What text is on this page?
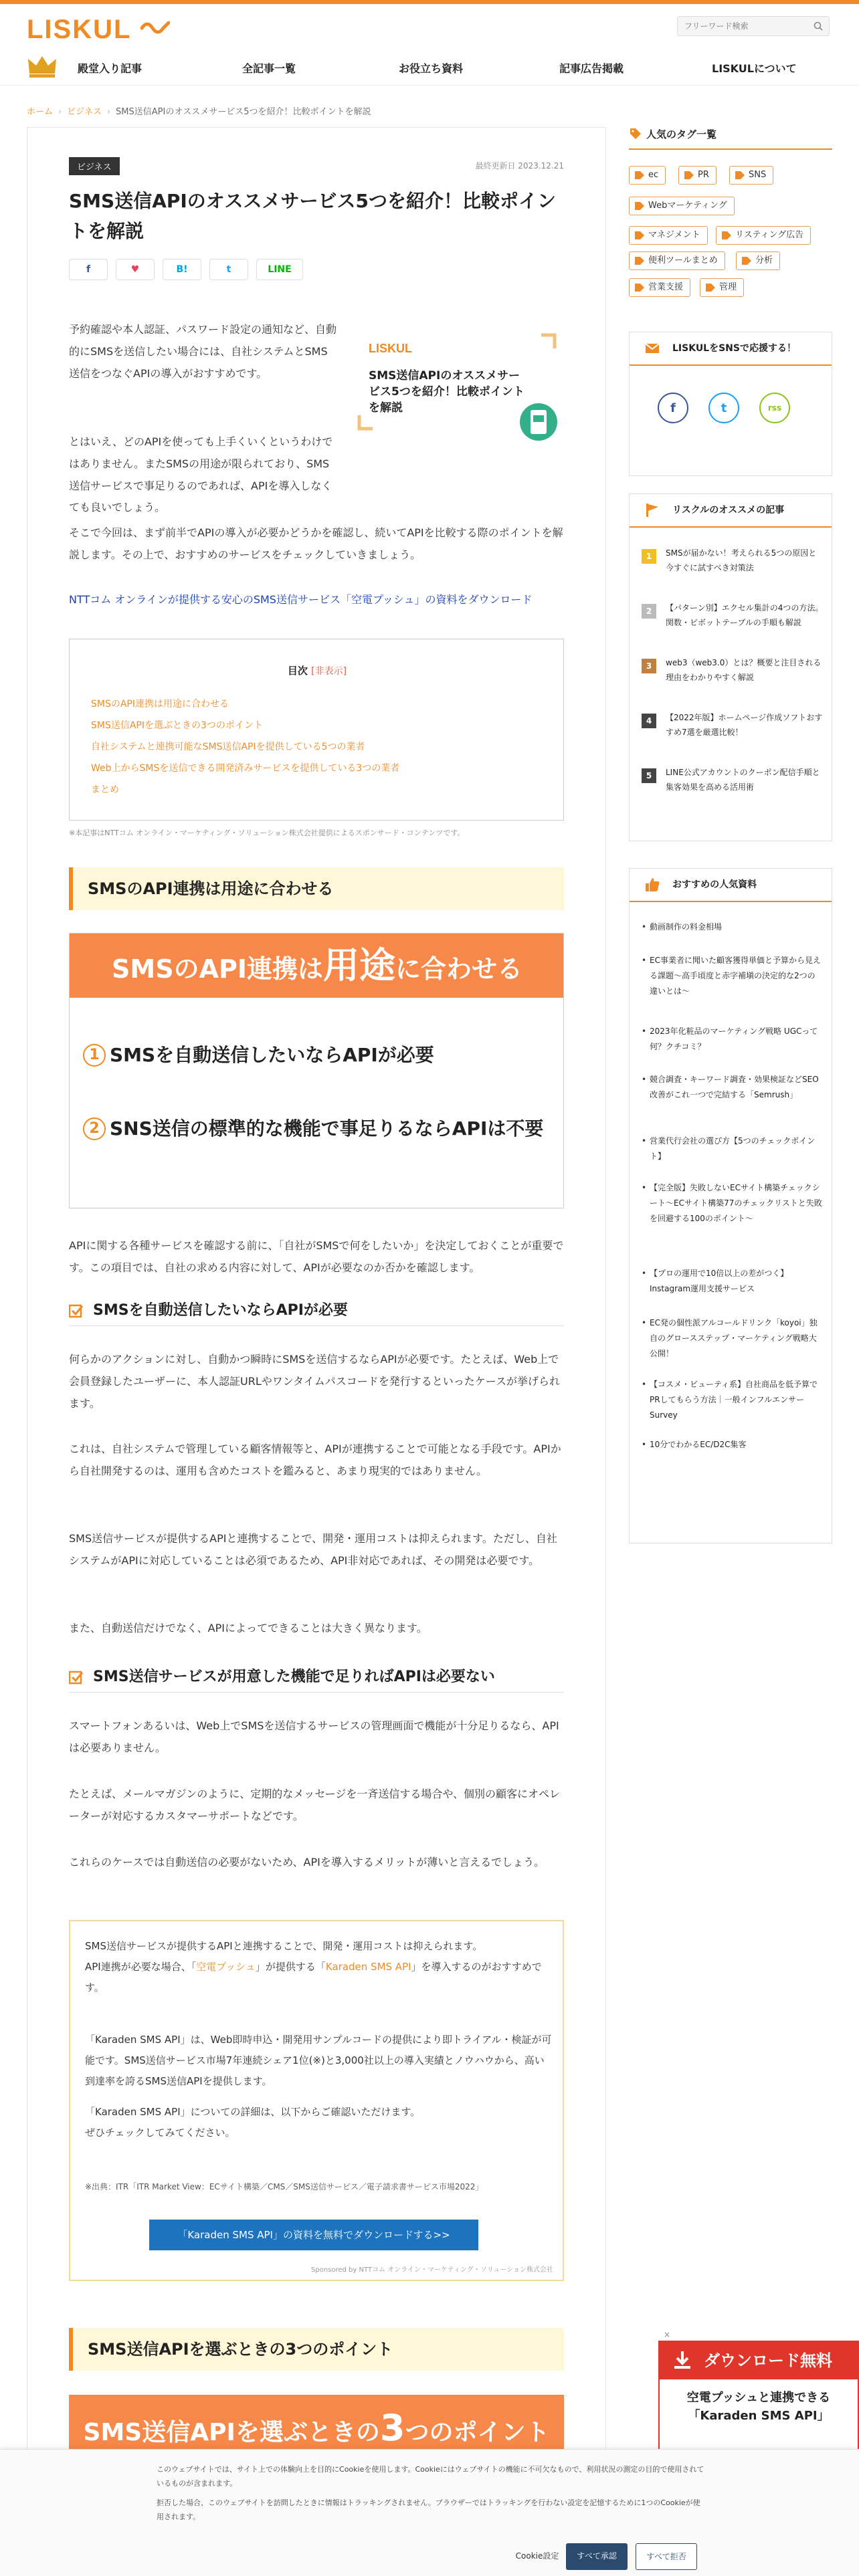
LISKUL
フリーワード検索
殿堂入り記事	全記事一覧	お役立ち資料	記事広告掲載	LISKULについて
ホーム › ビジネス › SMS送信APIのオススメサービス5つを紹介！比較ポイントを解説
ビジネス	最終更新日 2023.12.21
SMS送信APIのオススメサービス5つを紹介！比較ポイントを解説
f	♥	B!	t	LINE

予約確認や本人認証、パスワード設定の通知など、自動的にSMSを送信したい場合には、自社システムとSMS送信をつなぐAPIの導入がおすすめです。

LISKUL
SMS送信APIのオススメサービス5つを紹介！比較ポイントを解説

とはいえ、どのAPIを使っても上手くいくというわけではありません。またSMSの用途が限られており、SMS送信サービスで事足りるのであれば、APIを導入しなくても良いでしょう。

そこで今回は、まず前半でAPIの導入が必要かどうかを確認し、続いてAPIを比較する際のポイントを解説します。その上で、おすすめのサービスをチェックしていきましょう。

NTTコム オンラインが提供する安心のSMS送信サービス「空電プッシュ」の資料をダウンロード
目次 [非表示]
SMSのAPI連携は用途に合わせる
SMS送信APIを選ぶときの3つのポイント
自社システムと連携可能なSMS送信APIを提供している5つの業者
Web上からSMSを送信できる開発済みサービスを提供している3つの業者
まとめ
※本記事はNTTコム オンライン・マーケティング・ソリューション株式会社提供によるスポンサード・コンテンツです。
SMSのAPI連携は用途に合わせる
SMSのAPI連携は用途に合わせる
1 SMSを自動送信したいならAPIが必要
2 SNS送信の標準的な機能で事足りるならAPIは不要

APIに関する各種サービスを確認する前に、「自社がSMSで何をしたいか」を決定しておくことが重要です。この項目では、自社の求める内容に対して、APIが必要なのか否かを確認します。

SMSを自動送信したいならAPIが必要

何らかのアクションに対し、自動かつ瞬時にSMSを送信するならAPIが必要です。たとえば、Web上で会員登録したユーザーに、本人認証URLやワンタイムパスコードを発行するといったケースが挙げられます。

これは、自社システムで管理している顧客情報等と、APIが連携することで可能となる手段です。APIから自社開発するのは、運用も含めたコストを鑑みると、あまり現実的ではありません。

SMS送信サービスが提供するAPIと連携することで、開発・運用コストは抑えられます。ただし、自社システムがAPIに対応していることは必須であるため、API非対応であれば、その開発は必要です。

また、自動送信だけでなく、APIによってできることは大きく異なります。

SMS送信サービスが用意した機能で足りればAPIは必要ない

スマートフォンあるいは、Web上でSMSを送信するサービスの管理画面で機能が十分足りるなら、APIは必要ありません。

たとえば、メールマガジンのように、定期的なメッセージを一斉送信する場合や、個別の顧客にオペレーターが対応するカスタマーサポートなどです。

これらのケースでは自動送信の必要がないため、APIを導入するメリットが薄いと言えるでしょう。

SMS送信サービスが提供するAPIと連携することで、開発・運用コストは抑えられます。
API連携が必要な場合、「空電プッシュ」が提供する「Karaden SMS API」を導入するのがおすすめです。

「Karaden SMS API」は、Web即時申込・開発用サンプルコードの提供により即トライアル・検証が可能です。SMS送信サービス市場7年連続シェア1位(※)と3,000社以上の導入実績とノウハウから、高い到達率を誇るSMS送信APIを提供します。

「Karaden SMS API」についての詳細は、以下からご確認いただけます。
ぜひチェックしてみてください。

※出典：ITR「ITR Market View：ECサイト構築／CMS／SMS送信サービス／電子請求書サービス市場2022」
「Karaden SMS API」の資料を無料でダウンロードする>>
Sponsored by NTTコム オンライン・マーケティング・ソリューション株式会社
SMS送信APIを選ぶときの3つのポイント
SMS送信APIを選ぶときの3つのポイント
人気のタグ一覧
ec	PR	SNS
Webマーケティング
マネジメント	リスティング広告
便利ツールまとめ	分析
営業支援	管理
LISKULをSNSで応援する！
f	t	rss
リスクルのオススメの記事
1	SMSが届かない！考えられる5つの原因と今すぐに試すべき対策法
2	【パターン別】エクセル集計の4つの方法。関数・ピボットテーブルの手順も解説
3	web3（web3.0）とは？概要と注目される理由をわかりやすく解説
4	【2022年版】ホームページ作成ソフトおすすめ7選を厳選比較！
5	LINE公式アカウントのクーポン配信手順と集客効果を高める活用術
おすすめの人気資料
• 動画制作の料金相場
• EC事業者に聞いた顧客獲得単価と予算から見える課題〜高手頃度と赤字補塡の決定的な2つの違いとは〜
• 2023年化粧品のマーケティング戦略 UGCって何？クチコミ？
• 競合調査・キーワード調査・効果検証などSEO改善がこれ一つで完結する「Semrush」
• 営業代行会社の選び方【5つのチェックポイント】
• 【完全版】失敗しないECサイト構築チェックシート〜ECサイト構築77のチェックリストと失敗を回避する100のポイント〜
• 【プロの運用で10倍以上の差がつく】Instagram運用支援サービス
• EC発の個性派アルコールドリンク「koyoi」独自のグロースステップ・マーケティング戦略大公開！
• 【コスメ・ビューティ系】自社商品を低予算でPRしてもらう方法｜一般インフルエンサーSurvey
• 10分でわかるEC/D2C集客
×
ダウンロード無料
空電プッシュと連携できる
「Karaden SMS API」

このウェブサイトでは、サイト上での体験向上を目的にCookieを使用します。Cookieにはウェブサイトの機能に不可欠なもので、利用状況の測定の目的で使用されているものが含まれます。

拒否した場合、このウェブサイトを訪問したときに情報はトラッキングされません。ブラウザーではトラッキングを行わない設定を記憶するために1つのCookieが使用されます。

Cookie設定	すべて承認	すべて拒否
